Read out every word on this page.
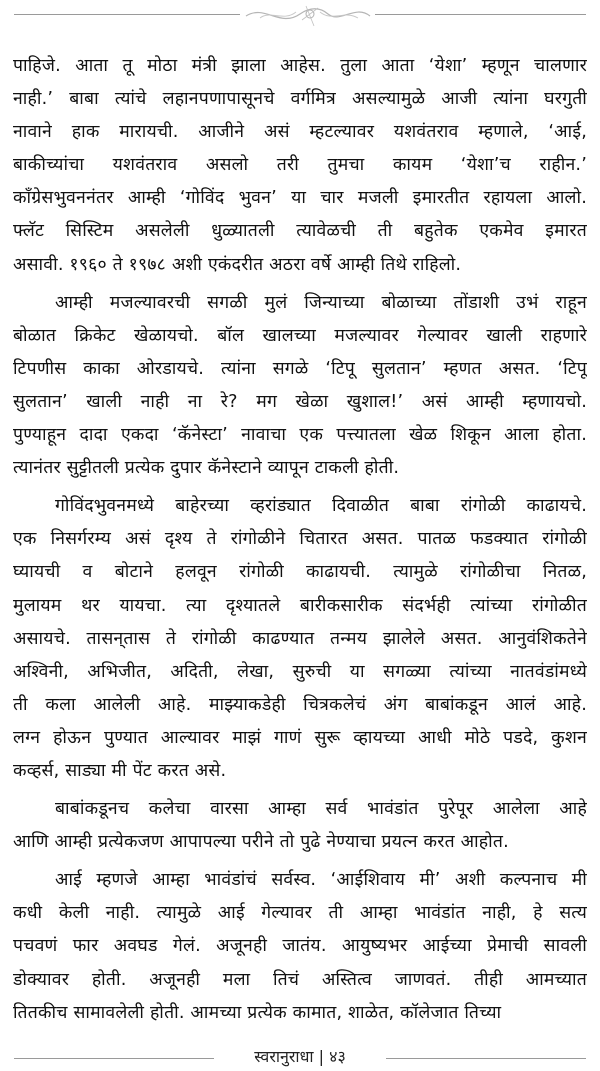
पाहिजे. आता तू मोठा मंत्री झाला आहेस. तुला आता ‘येशा’ म्हणून चालणार
नाही.’ बाबा त्यांचे लहानपणापासूनचे वर्गमित्र असल्यामुळे आजी त्यांना घरगुती
नावाने हाक मारायची. आजीने असं म्हटल्यावर यशवंतराव म्हणाले, ‘आई,
बाकीच्यांचा यशवंतराव असलो तरी तुमचा कायम ‘येशा’च राहीन.’
काँग्रेसभुवननंतर आम्ही ‘गोविंद भुवन’ या चार मजली इमारतीत रहायला आलो.
फ्लॅट सिस्टिम असलेली धुळ्यातली त्यावेळची ती बहुतेक एकमेव इमारत
असावी. १९६० ते १९७८ अशी एकंदरीत अठरा वर्षे आम्ही तिथे राहिलो.
आम्ही मजल्यावरची सगळी मुलं जिन्याच्या बोळाच्या तोंडाशी उभं राहून
बोळात क्रिकेट खेळायचो. बॉल खालच्या मजल्यावर गेल्यावर खाली राहणारे
टिपणीस काका ओरडायचे. त्यांना सगळे ‘टिपू सुलतान’ म्हणत असत. ‘टिपू
सुलतान’ खाली नाही ना रे? मग खेळा खुशाल!’ असं आम्ही म्हणायचो.
पुण्याहून दादा एकदा ‘कॅनेस्टा’ नावाचा एक पत्त्यातला खेळ शिकून आला होता.
त्यानंतर सुट्टीतली प्रत्येक दुपार कॅनेस्टाने व्यापून टाकली होती.
गोविंदभुवनमध्ये बाहेरच्या व्हरांड्यात दिवाळीत बाबा रांगोळी काढायचे.
एक निसर्गरम्य असं दृश्य ते रांगोळीने चितारत असत. पातळ फडक्यात रांगोळी
घ्यायची व बोटाने हलवून रांगोळी काढायची. त्यामुळे रांगोळीचा नितळ,
मुलायम थर यायचा. त्या दृश्यातले बारीकसारीक संदर्भही त्यांच्या रांगोळीत
असायचे. तासन्‌तास ते रांगोळी काढण्यात तन्मय झालेले असत. आनुवंशिकतेने
अश्विनी, अभिजीत, अदिती, लेखा, सुरुची या सगळ्या त्यांच्या नातवंडांमध्ये
ती कला आलेली आहे. माझ्याकडेही चित्रकलेचं अंग बाबांकडून आलं आहे.
लग्न होऊन पुण्यात आल्यावर माझं गाणं सुरू व्हायच्या आधी मोठे पडदे, कुशन
कव्हर्स, साड्या मी पेंट करत असे.
बाबांकडूनच कलेचा वारसा आम्हा सर्व भावंडांत पुरेपूर आलेला आहे
आणि आम्ही प्रत्येकजण आपापल्या परीने तो पुढे नेण्याचा प्रयत्न करत आहोत.
आई म्हणजे आम्हा भावंडांचं सर्वस्व. ‘आईशिवाय मी’ अशी कल्पनाच मी
कधी केली नाही. त्यामुळे आई गेल्यावर ती आम्हा भावंडांत नाही, हे सत्य
पचवणं फार अवघड गेलं. अजूनही जातंय. आयुष्यभर आईच्या प्रेमाची सावली
डोक्यावर होती. अजूनही मला तिचं अस्तित्व जाणवतं. तीही आमच्यात
तितकीच सामावलेली होती. आमच्या प्रत्येक कामात, शाळेत, कॉलेजात तिच्या
स्वरानुराधा | ४३
